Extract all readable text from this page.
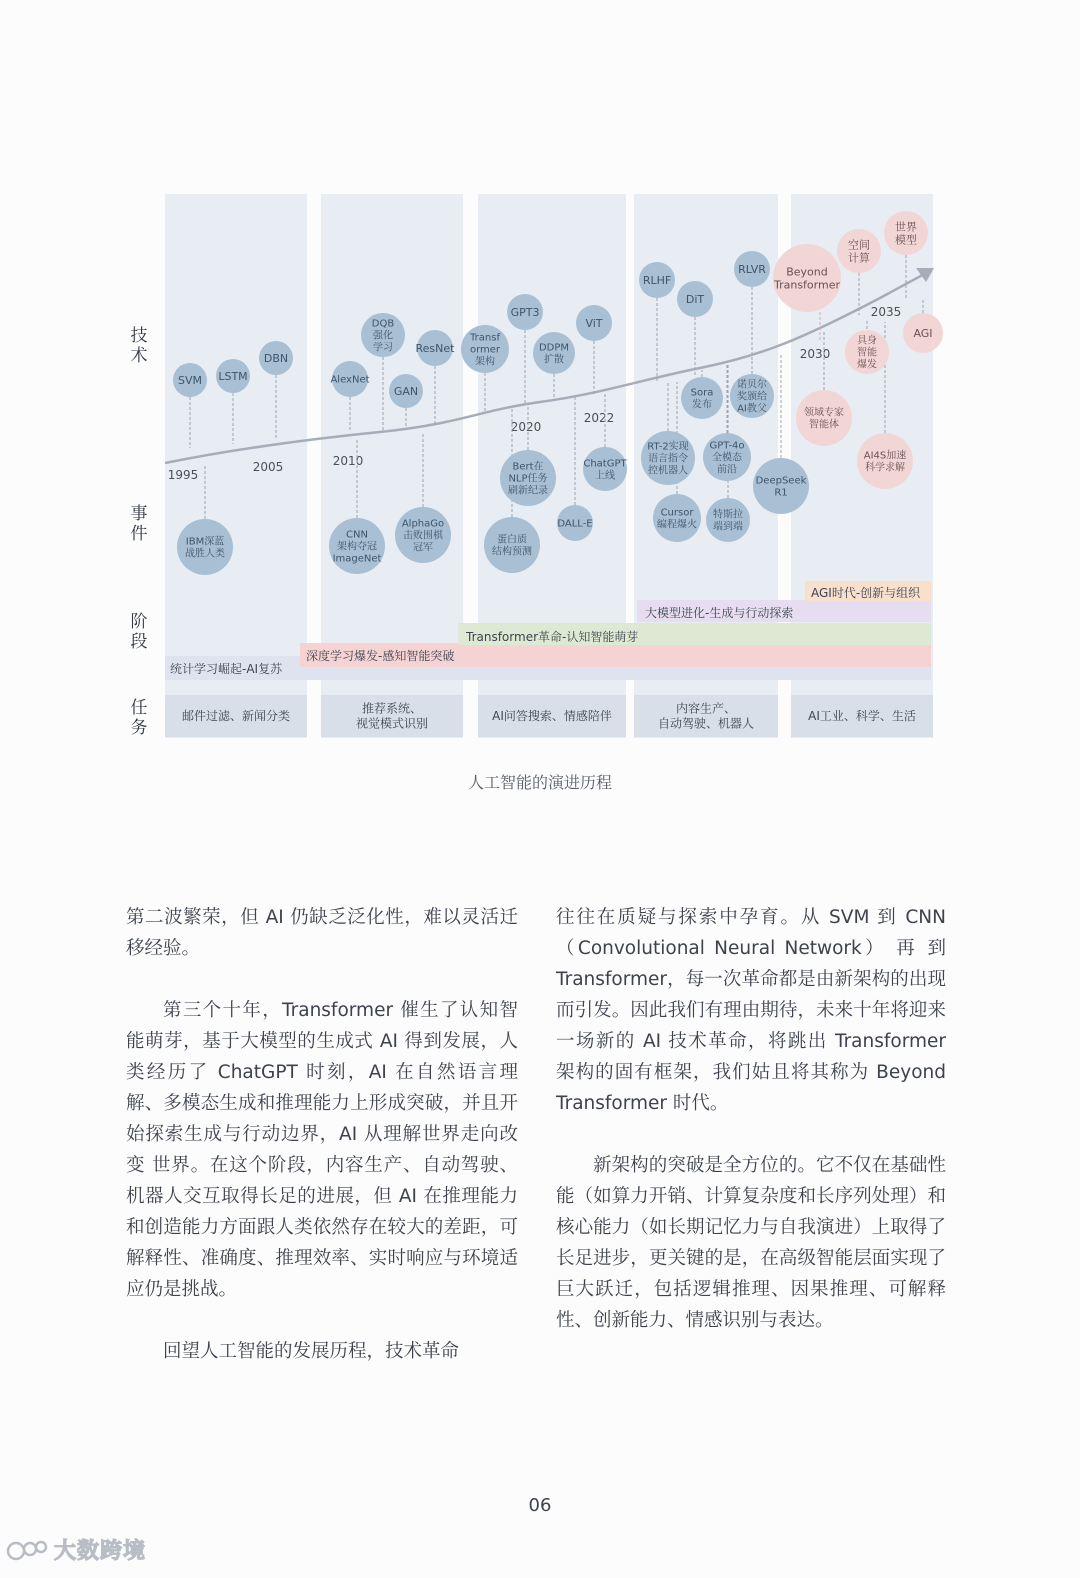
技
术
事
件
阶
段
任
务
1995
2005	2010
2020
2022
2030
2035
SVM LSTM
DBN
AlexNet
DQB 强化学习
GAN
ResNet
Transf ormer 架构
GPT3
DDPM 扩散
ViT
RLHF
DiT
RLVR	Beyond Transformer
空间计算
世界模型
具身智能爆发
AGI
IBM深蓝战胜人类
CNN 架构夺冠 ImageNet
AlphaGo 击败围棋冠军
蛋白质结构预测
Bert在 NLP任务刷新纪录
DALL-E
ChatGPT 上线
RT-2实现语言指令控机器人
Cursor 编程爆火
Sora 发布
GPT-4o 全模态前沿
特斯拉端到端
诺贝尔奖颁给 AI教父
DeepSeek R1
领域专家智能体
AI4S加速科学求解
统计学习崛起-AI复苏
深度学习爆发-感知智能突破
Transformer革命-认知智能萌芽
大模型进化-生成与行动探索
AGI时代-创新与组织
邮件过滤、新闻分类
推荐系统、视觉模式识别
AI问答搜索、情感陪伴
内容生产、自动驾驶、机器人
AI工业、科学、生活
人工智能的演进历程

第二波繁荣，但 AI 仍缺乏泛化性，难以灵活迁移经验。

第三个十年，Transformer 催生了认知智能萌芽，基于大模型的生成式 AI 得到发展，人类经历了 ChatGPT 时刻，AI 在自然语言理解、多模态生成和推理能力上形成突破，并且开始探索生成与行动边界，AI 从理解世界走向改变 世界。在这个阶段，内容生产、自动驾驶、机器人交互取得长足的进展，但 AI 在推理能力和创造能力方面跟人类依然存在较大的差距，可解释性、准确度、推理效率、实时响应与环境适应仍是挑战。

回望人工智能的发展历程，技术革命

往往在质疑与探索中孕育。从 SVM 到 CNN（Convolutional Neural Network） 再 到Transformer，每一次革命都是由新架构的出现而引发。因此我们有理由期待，未来十年将迎来一场新的 AI 技术革命，将跳出 Transformer 架构的固有框架，我们姑且将其称为 Beyond Transformer 时代。

新架构的突破是全方位的。它不仅在基础性能（如算力开销、计算复杂度和长序列处理）和核心能力（如长期记忆力与自我演进）上取得了长足进步，更关键的是，在高级智能层面实现了巨大跃迁，包括逻辑推理、因果推理、可解释性、创新能力、情感识别与表达。

06
大数跨境
